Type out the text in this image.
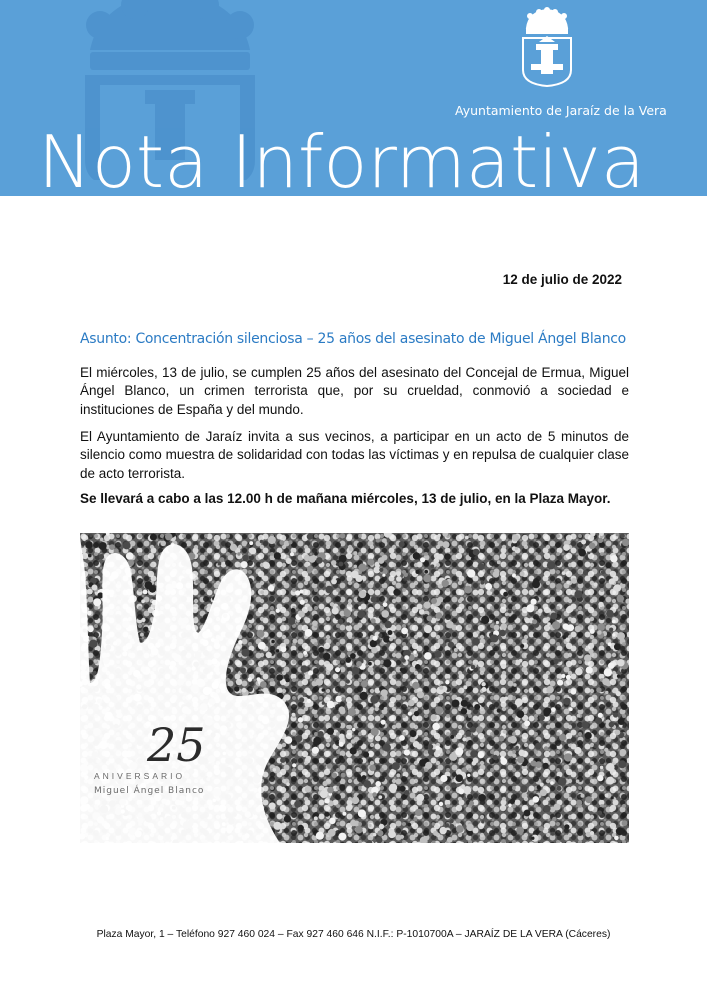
Ayuntamiento de Jaraíz de la Vera
Nota Informativa
12 de julio de 2022
Asunto: Concentración silenciosa – 25 años del asesinato de Miguel Ángel Blanco
El miércoles, 13 de julio, se cumplen 25 años del asesinato del Concejal de Ermua, Miguel Ángel Blanco, un crimen terrorista que, por su crueldad, conmovió a sociedad e instituciones de España y del mundo.
El Ayuntamiento de Jaraíz invita a sus vecinos, a participar en un acto de 5 minutos de silencio como muestra de solidaridad con todas las víctimas y en repulsa de cualquier clase de acto terrorista.
Se llevará a cabo a las 12.00 h de mañana miércoles, 13 de julio, en la Plaza Mayor.
25
ANIVERSARIO
Miguel Ángel Blanco
Plaza Mayor, 1 – Teléfono 927 460 024 – Fax 927 460 646 N.I.F.: P-1010700A – JARAÍZ DE LA VERA (Cáceres)
